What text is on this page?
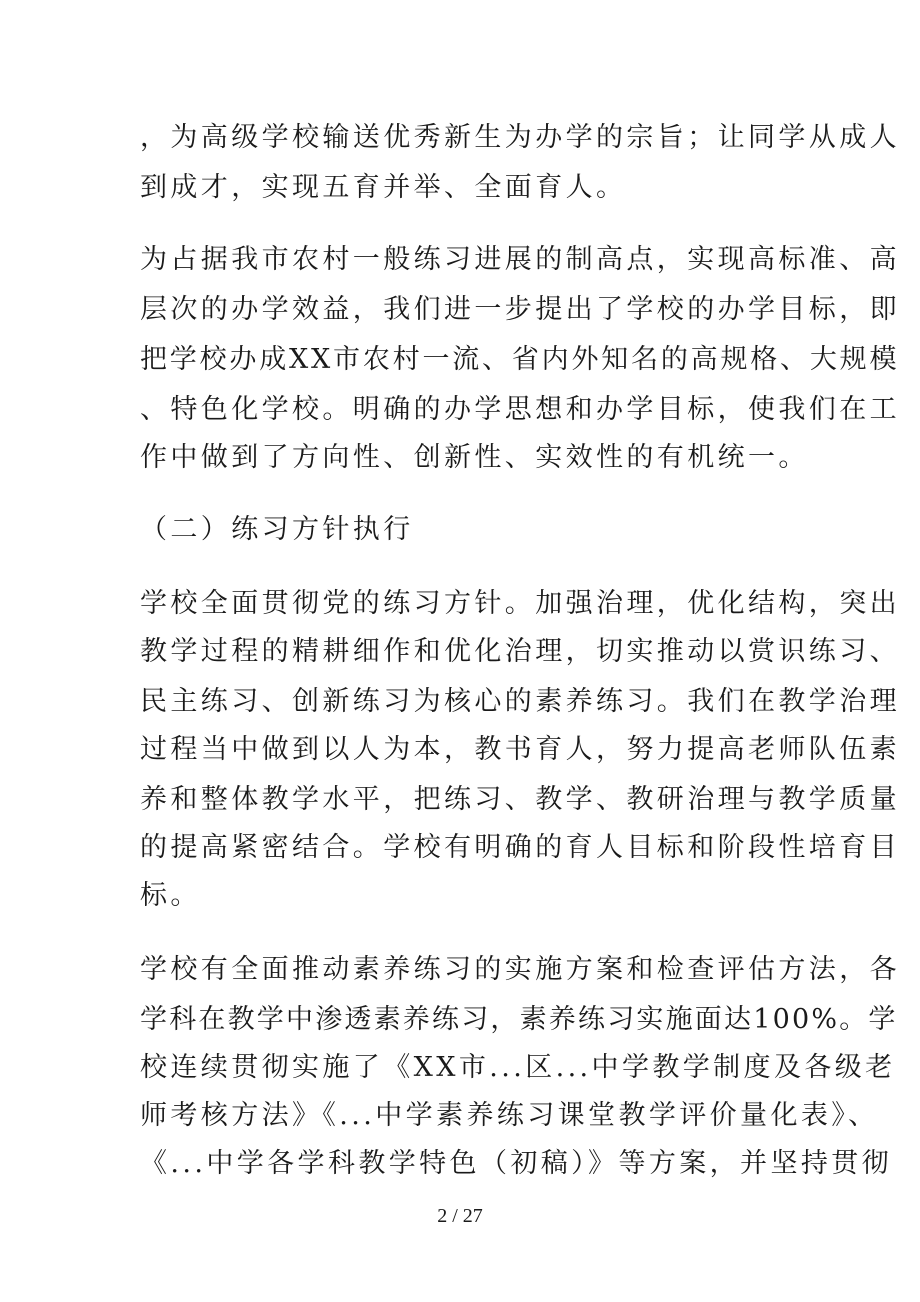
，为高级学校输送优秀新生为办学的宗旨；让同学从成人
到成才，实现五育并举、全面育人。
为占据我市农村一般练习进展的制高点，实现高标准、高
层次的办学效益，我们进一步提出了学校的办学目标，即
把学校办成XX市农村一流、省内外知名的高规格、大规模
、特色化学校。明确的办学思想和办学目标，使我们在工
作中做到了方向性、创新性、实效性的有机统一。
（二）练习方针执行
学校全面贯彻党的练习方针。加强治理，优化结构，突出
教学过程的精耕细作和优化治理，切实推动以赏识练习、
民主练习、创新练习为核心的素养练习。我们在教学治理
过程当中做到以人为本，教书育人，努力提高老师队伍素
养和整体教学水平，把练习、教学、教研治理与教学质量
的提高紧密结合。学校有明确的育人目标和阶段性培育目
标。
学校有全面推动素养练习的实施方案和检查评估方法，各
学科在教学中渗透素养练习，素养练习实施面达100%。学
校连续贯彻实施了《XX市...区...中学教学制度及各级老
师考核方法》《...中学素养练习课堂教学评价量化表》、
《...中学各学科教学特色（初稿）》等方案，并坚持贯彻
2 / 27
